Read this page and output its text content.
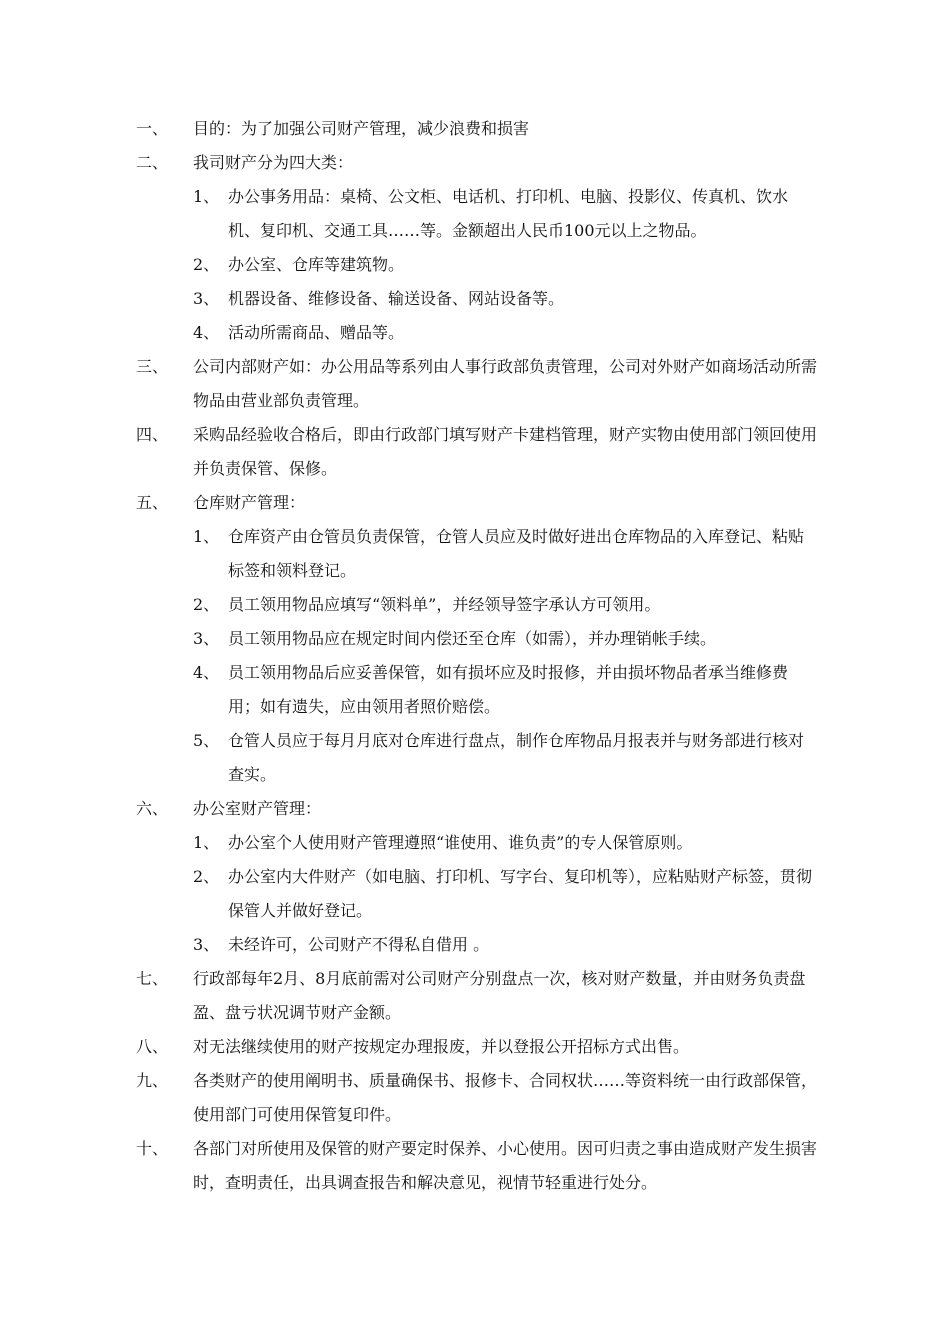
一、 目的：为了加强公司财产管理，减少浪费和损害
二、 我司财产分为四大类：
1、 办公事务用品：桌椅、公文柜、电话机、打印机、电脑、投影仪、传真机、饮水机、复印机、交通工具……等。金额超出人民币100元以上之物品。
2、 办公室、仓库等建筑物。
3、 机器设备、维修设备、输送设备、网站设备等。
4、 活动所需商品、赠品等。
三、 公司内部财产如：办公用品等系列由人事行政部负责管理，公司对外财产如商场活动所需物品由营业部负责管理。
四、 采购品经验收合格后，即由行政部门填写财产卡建档管理，财产实物由使用部门领回使用并负责保管、保修。
五、 仓库财产管理：
1、 仓库资产由仓管员负责保管，仓管人员应及时做好进出仓库物品的入库登记、粘贴标签和领料登记。
2、 员工领用物品应填写“领料单”，并经领导签字承认方可领用。
3、 员工领用物品应在规定时间内偿还至仓库（如需），并办理销帐手续。
4、 员工领用物品后应妥善保管，如有损坏应及时报修，并由损坏物品者承当维修费用；如有遗失，应由领用者照价赔偿。
5、 仓管人员应于每月月底对仓库进行盘点，制作仓库物品月报表并与财务部进行核对查实。
六、 办公室财产管理：
1、 办公室个人使用财产管理遵照“谁使用、谁负责”的专人保管原则。
2、 办公室内大件财产（如电脑、打印机、写字台、复印机等），应粘贴财产标签，贯彻保管人并做好登记。
3、 未经许可，公司财产不得私自借用 。
七、 行政部每年2月、8月底前需对公司财产分别盘点一次，核对财产数量，并由财务负责盘盈、盘亏状况调节财产金额。
八、 对无法继续使用的财产按规定办理报废，并以登报公开招标方式出售。
九、 各类财产的使用阐明书、质量确保书、报修卡、合同权状……等资料统一由行政部保管，使用部门可使用保管复印件。
十、 各部门对所使用及保管的财产要定时保养、小心使用。因可归责之事由造成财产发生损害时，查明责任，出具调查报告和解决意见，视情节轻重进行处分。
